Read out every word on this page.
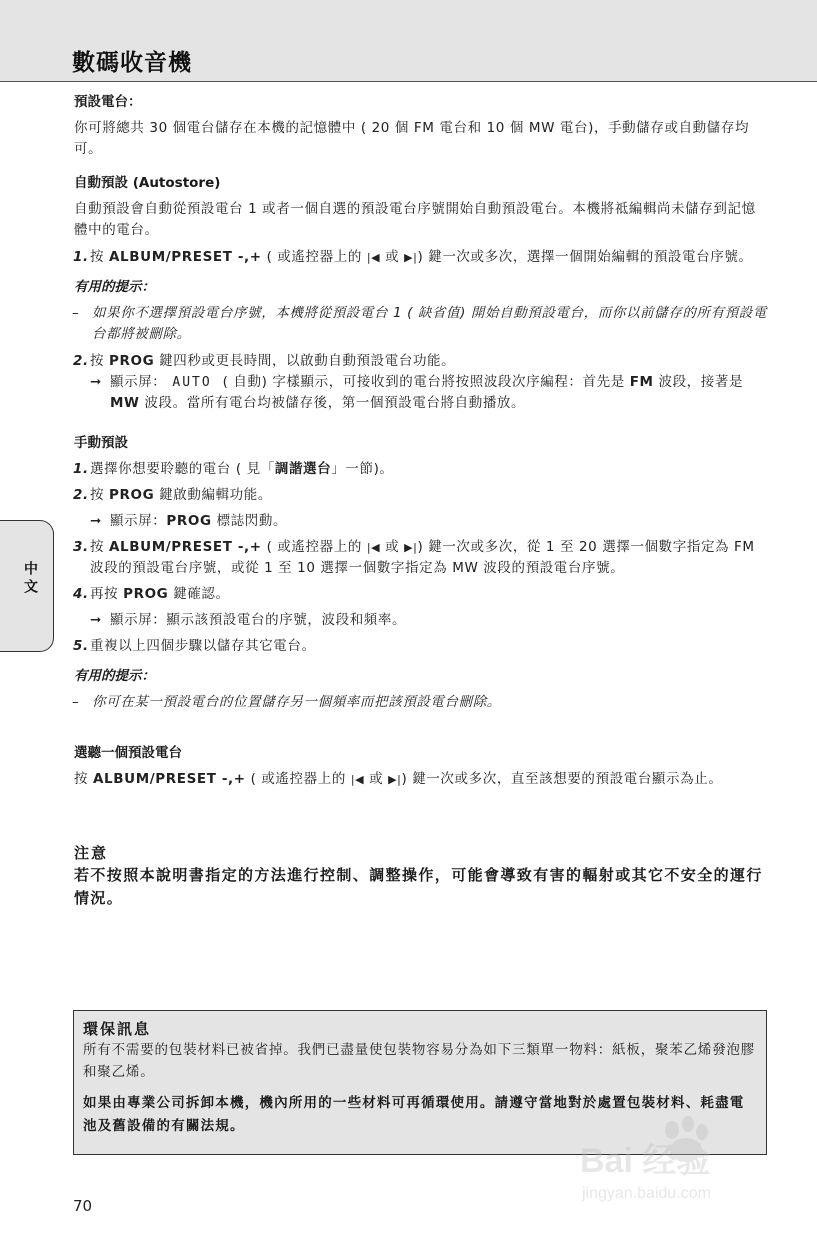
數碼收音機
中文

預設電台：

你可將總共 30 個電台儲存在本機的記憶體中 ( 20 個 FM 電台和 10 個 MW 電台)，手動儲存或自動儲存均可。

自動預設 (Autostore)

自動預設會自動從預設電台 1 或者一個自選的預設電台序號開始自動預設電台。本機將祗編輯尚未儲存到記憶體中的電台。

1. 按 ALBUM/PRESET -,+ ( 或遙控器上的 |◀ 或 ▶|) 鍵一次或多次，選擇一個開始編輯的預設電台序號。

有用的提示：

– 如果你不選擇預設電台序號，本機將從預設電台 1 ( 缺省值) 開始自動預設電台，而你以前儲存的所有預設電台都將被刪除。
2. 按 PROG 鍵四秒或更長時間，以啟動自動預設電台功能。
➞ 顯示屏： AUTO ( 自動) 字樣顯示，可接收到的電台將按照波段次序編程：首先是 FM 波段，接著是 MW 波段。當所有電台均被儲存後，第一個預設電台將自動播放。

手動預設

1. 選擇你想要聆聽的電台 ( 見「調諧選台」一節)。
2. 按 PROG 鍵啟動編輯功能。
➞ 顯示屏：PROG 標誌閃動。
3. 按 ALBUM/PRESET -,+ ( 或遙控器上的 |◀ 或 ▶|) 鍵一次或多次，從 1 至 20 選擇一個數字指定為 FM 波段的預設電台序號，或從 1 至 10 選擇一個數字指定為 MW 波段的預設電台序號。
4. 再按 PROG 鍵確認。
➞ 顯示屏：顯示該預設電台的序號，波段和頻率。
5. 重複以上四個步驟以儲存其它電台。

有用的提示：

– 你可在某一預設電台的位置儲存另一個頻率而把該預設電台刪除。

選聽一個預設電台

按 ALBUM/PRESET -,+ ( 或遙控器上的 |◀ 或 ▶|) 鍵一次或多次，直至該想要的預設電台顯示為止。

注意

若不按照本說明書指定的方法進行控制、調整操作，可能會導致有害的輻射或其它不安全的運行情況。

環保訊息

所有不需要的包裝材料已被省掉。我們已盡量使包裝物容易分為如下三類單一物料：紙板，聚苯乙烯發泡膠和聚乙烯。

如果由專業公司拆卸本機，機內所用的一些材料可再循環使用。請遵守當地對於處置包裝材料、耗盡電池及舊設備的有關法規。

70
Bai 经验
jingyan.baidu.com
